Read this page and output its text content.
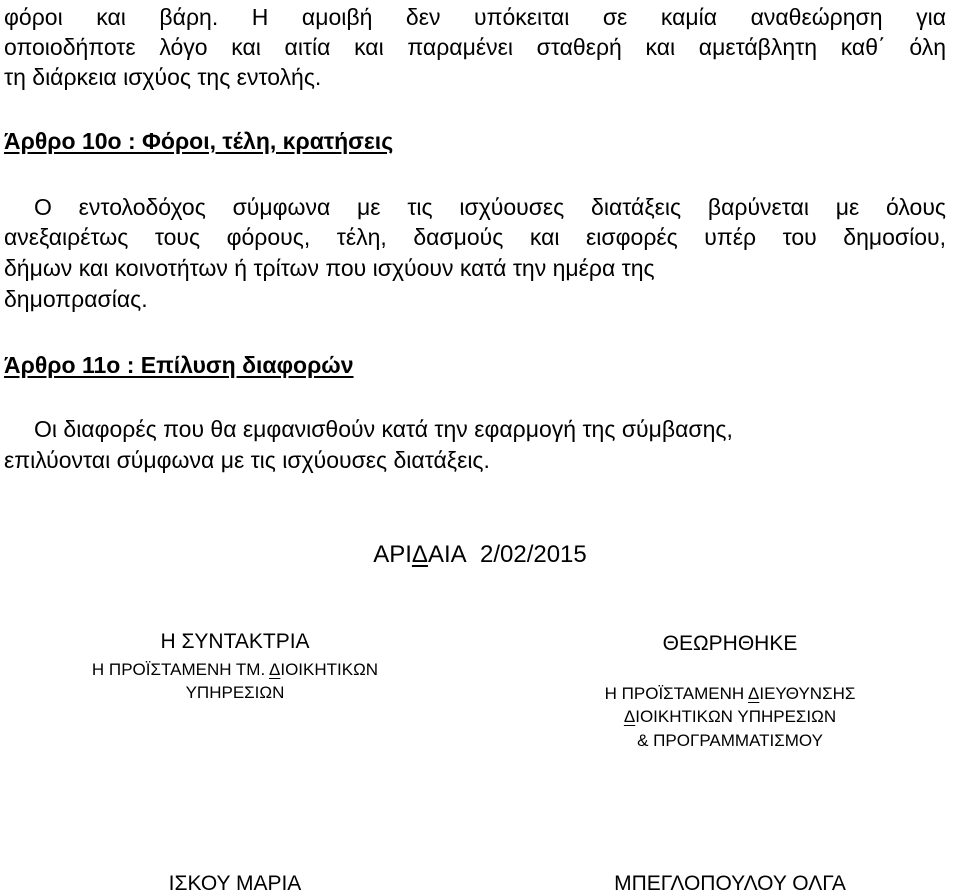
φόροι και βάρη. Η αμοιβή δεν υπόκειται σε καμία αναθεώρηση για
οποιοδήποτε λόγο και αιτία και παραμένει σταθερή και αμετάβλητη καθ΄ όλη
τη διάρκεια ισχύος της εντολής.
Άρθρο 10ο : Φόροι, τέλη, κρατήσεις
Ο εντολοδόχος σύμφωνα με τις ισχύουσες διατάξεις βαρύνεται με όλους
ανεξαιρέτως τους φόρους, τέλη, δασμούς και εισφορές υπέρ του δημοσίου,
δήμων και κοινοτήτων ή τρίτων που ισχύουν κατά την ημέρα της
δημοπρασίας.
Άρθρο 11ο : Επίλυση διαφορών
Οι διαφορές που θα εμφανισθούν κατά την εφαρμογή της σύμβασης,
επιλύονται σύμφωνα με τις ισχύουσες διατάξεις.
ΑΡΙΔΑΙΑ 2/02/2015
Η ΣΥΝΤΑΚΤΡΙΑ
Η ΠΡΟΪΣΤΑΜΕΝΗ ΤΜ. ΔΙΟΙΚΗΤΙΚΩΝ
ΥΠΗΡΕΣΙΩΝ
ΙΣΚΟΥ ΜΑΡΙΑ
ΘΕΩΡΗΘΗΚΕ
Η ΠΡΟΪΣΤΑΜΕΝΗ ΔΙΕΥΘΥΝΣΗΣ
ΔΙΟΙΚΗΤΙΚΩΝ ΥΠΗΡΕΣΙΩΝ
& ΠΡΟΓΡΑΜΜΑΤΙΣΜΟΥ
ΜΠΕΓΛΟΠΟΥΛΟΥ ΟΛΓΑ
